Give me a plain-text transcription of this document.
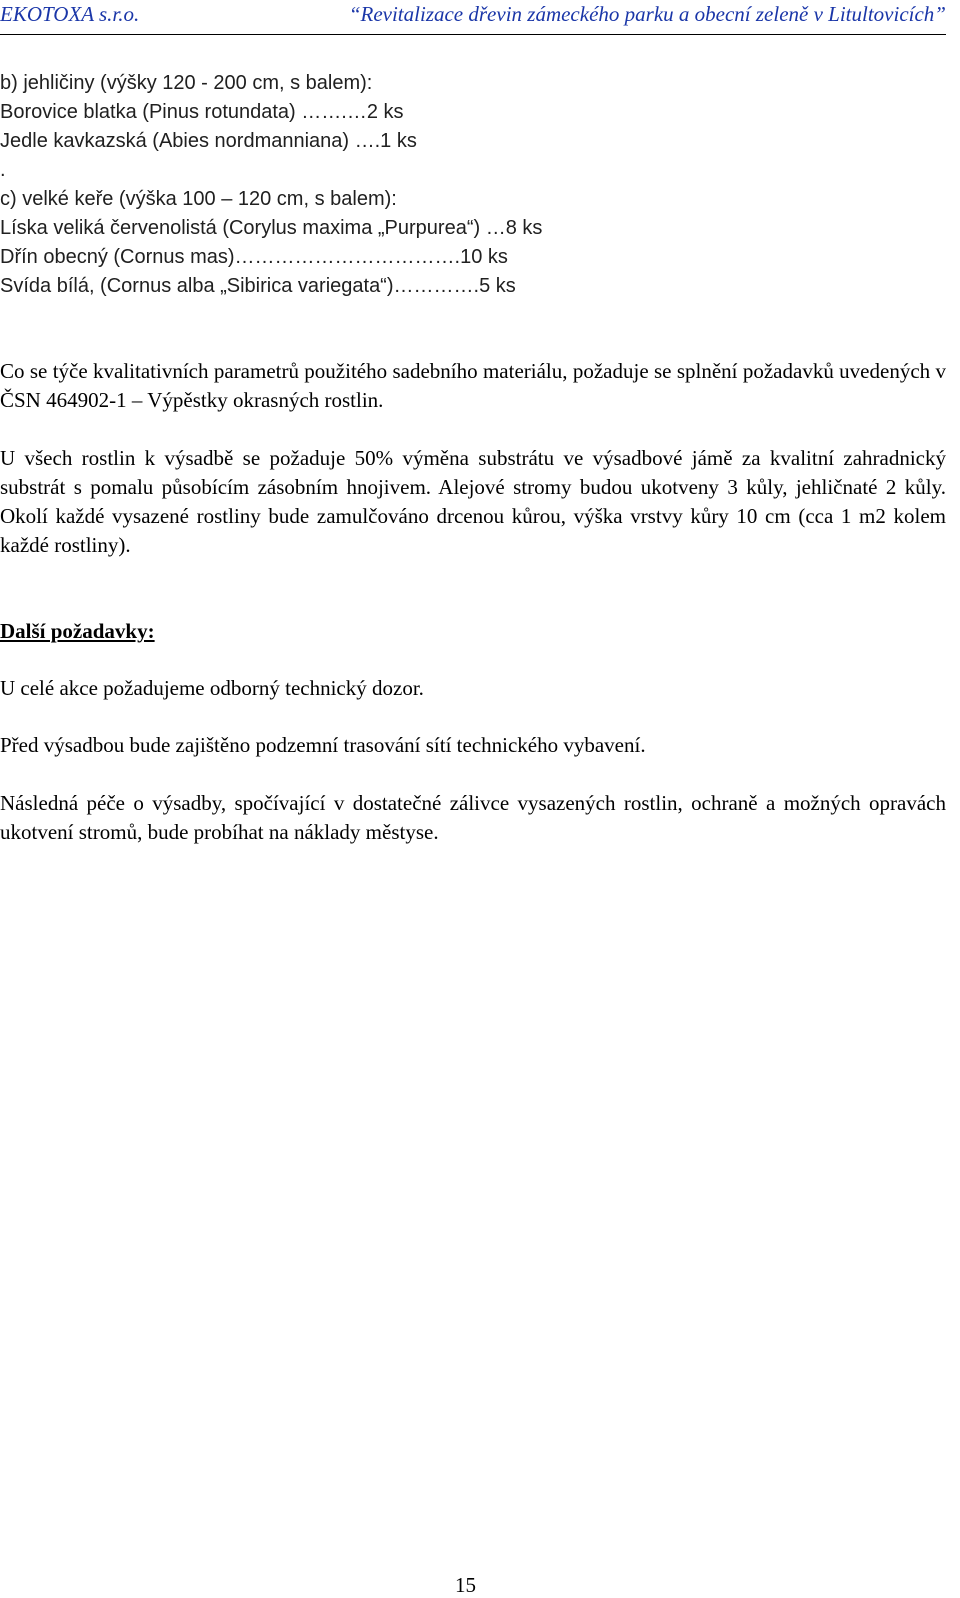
EKOTOXA s.r.o.	“Revitalizace dřevin zámeckého parku a obecní zeleně v Litultovicích”
b) jehličiny (výšky 120 - 200 cm, s balem):
Borovice blatka (Pinus rotundata) …….…2 ks
Jedle kavkazská (Abies nordmanniana) ….1 ks
.
c) velké keře (výška 100 – 120 cm, s balem):
Líska veliká červenolistá (Corylus maxima „Purpurea“) …8 ks
Dřín obecný (Cornus mas)…………………………….10 ks
Svída bílá, (Cornus alba „Sibirica variegata“)………….5 ks
Co se týče kvalitativních parametrů použitého sadebního materiálu, požaduje se splnění požadavků uvedených v ČSN 464902-1 – Výpěstky okrasných rostlin.
U všech rostlin k výsadbě se požaduje 50% výměna substrátu ve výsadbové jámě za kvalitní zahradnický substrát s pomalu působícím zásobním hnojivem. Alejové stromy budou ukotveny 3 kůly, jehličnaté 2 kůly. Okolí každé vysazené rostliny bude zamulčováno drcenou kůrou, výška vrstvy kůry 10 cm (cca 1 m2 kolem každé rostliny).
Další požadavky:
U celé akce požadujeme odborný technický dozor.
Před výsadbou bude zajištěno podzemní trasování sítí technického vybavení.
Následná péče o výsadby, spočívající v dostatečné zálivce vysazených rostlin, ochraně a možných opravách ukotvení stromů, bude probíhat na náklady městyse.
15
